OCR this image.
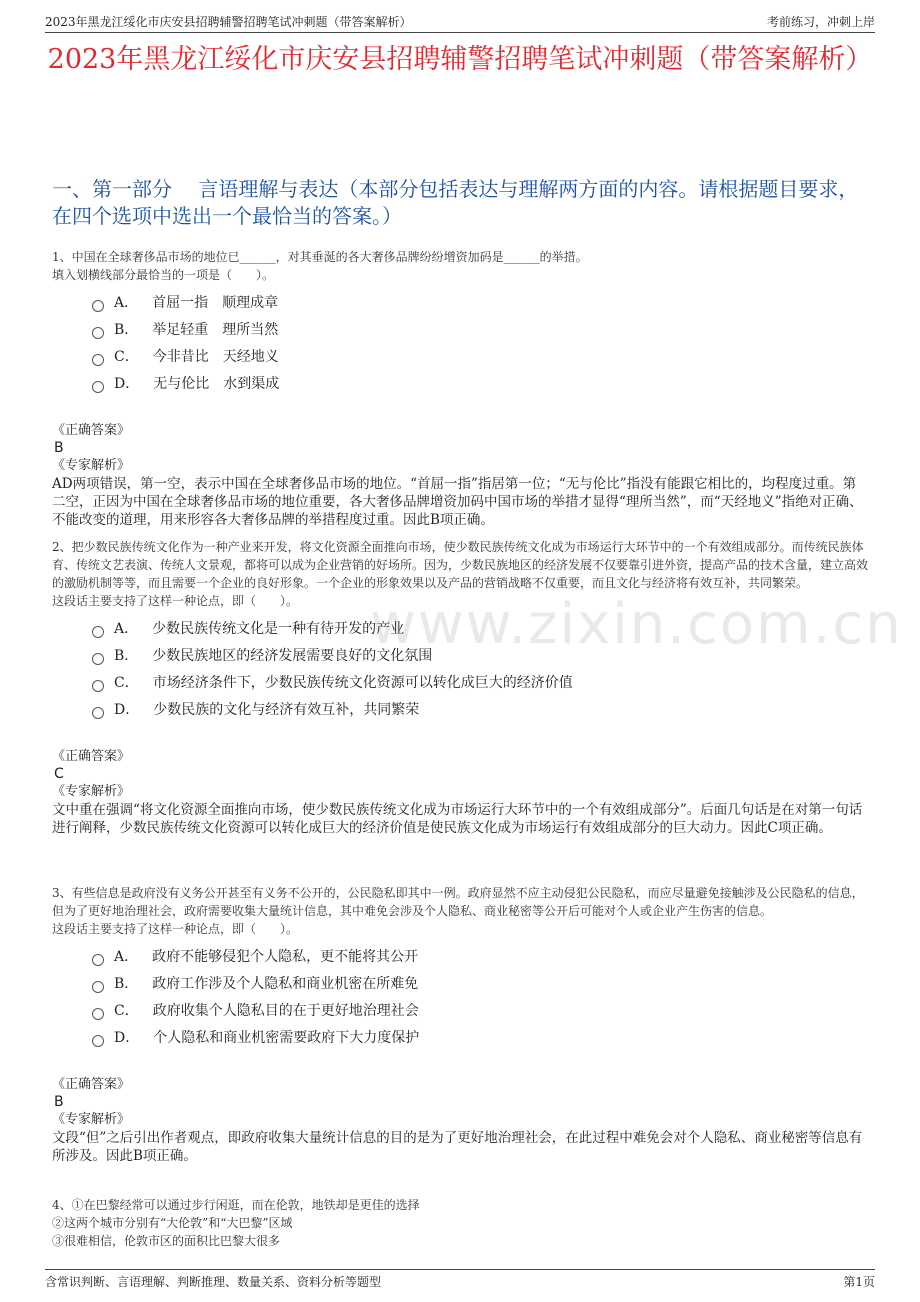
2023年黑龙江绥化市庆安县招聘辅警招聘笔试冲刺题（带答案解析）	考前练习，冲刺上岸
2023年黑龙江绥化市庆安县招聘辅警招聘笔试冲刺题（带答案解析）
一、第一部分　 言语理解与表达（本部分包括表达与理解两方面的内容。请根据题目要求，在四个选项中选出一个最恰当的答案。）
www.zixin.com.cn
1、中国在全球奢侈品市场的地位已______，对其垂涎的各大奢侈品牌纷纷增资加码是______的举措。
填入划横线部分最恰当的一项是（　　）。
A． 首屈一指　顺理成章
B． 举足轻重　理所当然
C． 今非昔比　天经地义
D． 无与伦比　水到渠成
《正确答案》
B
《专家解析》
AD两项错误，第一空，表示中国在全球奢侈品市场的地位。“首屈一指”指居第一位；“无与伦比”指没有能跟它相比的，均程度过重。第二空，正因为中国在全球奢侈品市场的地位重要，各大奢侈品牌增资加码中国市场的举措才显得“理所当然”，而“天经地义”指绝对正确、不能改变的道理，用来形容各大奢侈品牌的举措程度过重。因此B项正确。
2、把少数民族传统文化作为一种产业来开发，将文化资源全面推向市场，使少数民族传统文化成为市场运行大环节中的一个有效组成部分。而传统民族体育、传统文艺表演、传统人文景观，都将可以成为企业营销的好场所。因为，少数民族地区的经济发展不仅要靠引进外资，提高产品的技术含量，建立高效的激励机制等等，而且需要一个企业的良好形象。一个企业的形象效果以及产品的营销战略不仅重要，而且文化与经济将有效互补，共同繁荣。
这段话主要支持了这样一种论点，即（　　）。
A． 少数民族传统文化是一种有待开发的产业
B． 少数民族地区的经济发展需要良好的文化氛围
C． 市场经济条件下，少数民族传统文化资源可以转化成巨大的经济价值
D． 少数民族的文化与经济有效互补，共同繁荣
《正确答案》
C
《专家解析》
文中重在强调“将文化资源全面推向市场，使少数民族传统文化成为市场运行大环节中的一个有效组成部分”。后面几句话是在对第一句话进行阐释，少数民族传统文化资源可以转化成巨大的经济价值是使民族文化成为市场运行有效组成部分的巨大动力。因此C项正确。
3、有些信息是政府没有义务公开甚至有义务不公开的，公民隐私即其中一例。政府显然不应主动侵犯公民隐私，而应尽量避免接触涉及公民隐私的信息，但为了更好地治理社会，政府需要收集大量统计信息，其中难免会涉及个人隐私、商业秘密等公开后可能对个人或企业产生伤害的信息。
这段话主要支持了这样一种论点，即（　　）。
A． 政府不能够侵犯个人隐私，更不能将其公开
B． 政府工作涉及个人隐私和商业机密在所难免
C． 政府收集个人隐私目的在于更好地治理社会
D． 个人隐私和商业机密需要政府下大力度保护
《正确答案》
B
《专家解析》
文段“但”之后引出作者观点，即政府收集大量统计信息的目的是为了更好地治理社会，在此过程中难免会对个人隐私、商业秘密等信息有所涉及。因此B项正确。
4、①在巴黎经常可以通过步行闲逛，而在伦敦，地铁却是更佳的选择
②这两个城市分别有“大伦敦”和“大巴黎”区域
③很难相信，伦敦市区的面积比巴黎大很多
含常识判断、言语理解、判断推理、数量关系、资料分析等题型	第1页
